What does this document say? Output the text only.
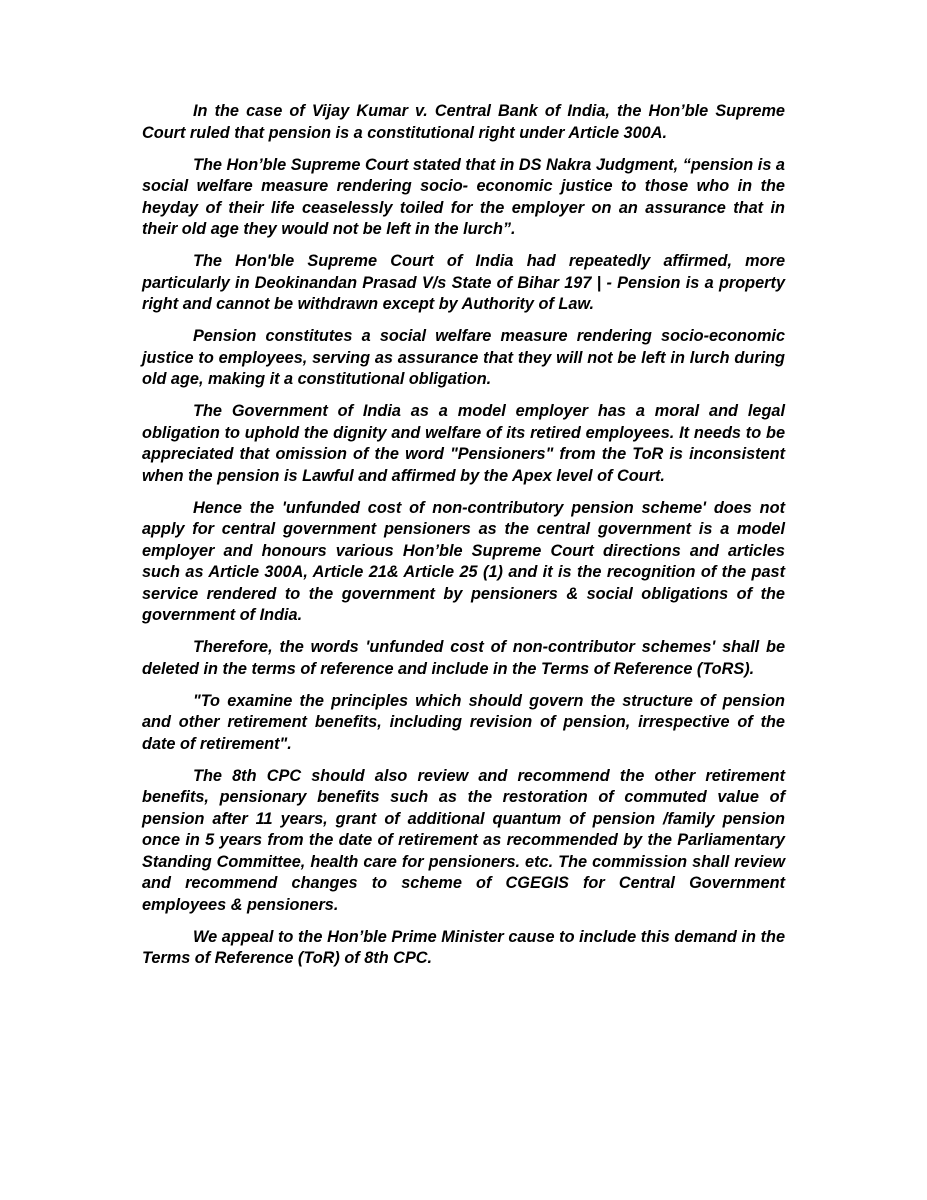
In the case of Vijay Kumar v. Central Bank of India, the Hon’ble Supreme Court ruled that pension is a constitutional right under Article 300A.

The Hon’ble Supreme Court stated that in DS Nakra Judgment, “pension is a social welfare measure rendering socio- economic justice to those who in the heyday of their life ceaselessly toiled for the employer on an assurance that in their old age they would not be left in the lurch”.

The Hon'ble Supreme Court of India had repeatedly affirmed, more particularly in Deokinandan Prasad V/s State of Bihar 197 | - Pension is a property right and cannot be withdrawn except by Authority of Law.

Pension constitutes a social welfare measure rendering socio-economic justice to employees, serving as assurance that they will not be left in lurch during old age, making it a constitutional obligation.

The Government of India as a model employer has a moral and legal obligation to uphold the dignity and welfare of its retired employees. It needs to be appreciated that omission of the word "Pensioners" from the ToR is inconsistent when the pension is Lawful and affirmed by the Apex level of Court.

Hence the 'unfunded cost of non-contributory pension scheme' does not apply for central government pensioners as the central government is a model employer and honours various Hon’ble Supreme Court directions and articles such as Article 300A, Article 21& Article 25 (1) and it is the recognition of the past service rendered to the government by pensioners & social obligations of the government of India.

Therefore, the words 'unfunded cost of non-contributor schemes' shall be deleted in the terms of reference and include in the Terms of Reference (ToRS).

"To examine the principles which should govern the structure of pension and other retirement benefits, including revision of pension, irrespective of the date of retirement".

The 8th CPC should also review and recommend the other retirement benefits, pensionary benefits such as the restoration of commuted value of pension after 11 years, grant of additional quantum of pension /family pension once in 5 years from the date of retirement as recommended by the Parliamentary Standing Committee, health care for pensioners. etc. The commission shall review and recommend changes to scheme of CGEGIS for Central Government employees & pensioners.

We appeal to the Hon’ble Prime Minister cause to include this demand in the Terms of Reference (ToR) of 8th CPC.
